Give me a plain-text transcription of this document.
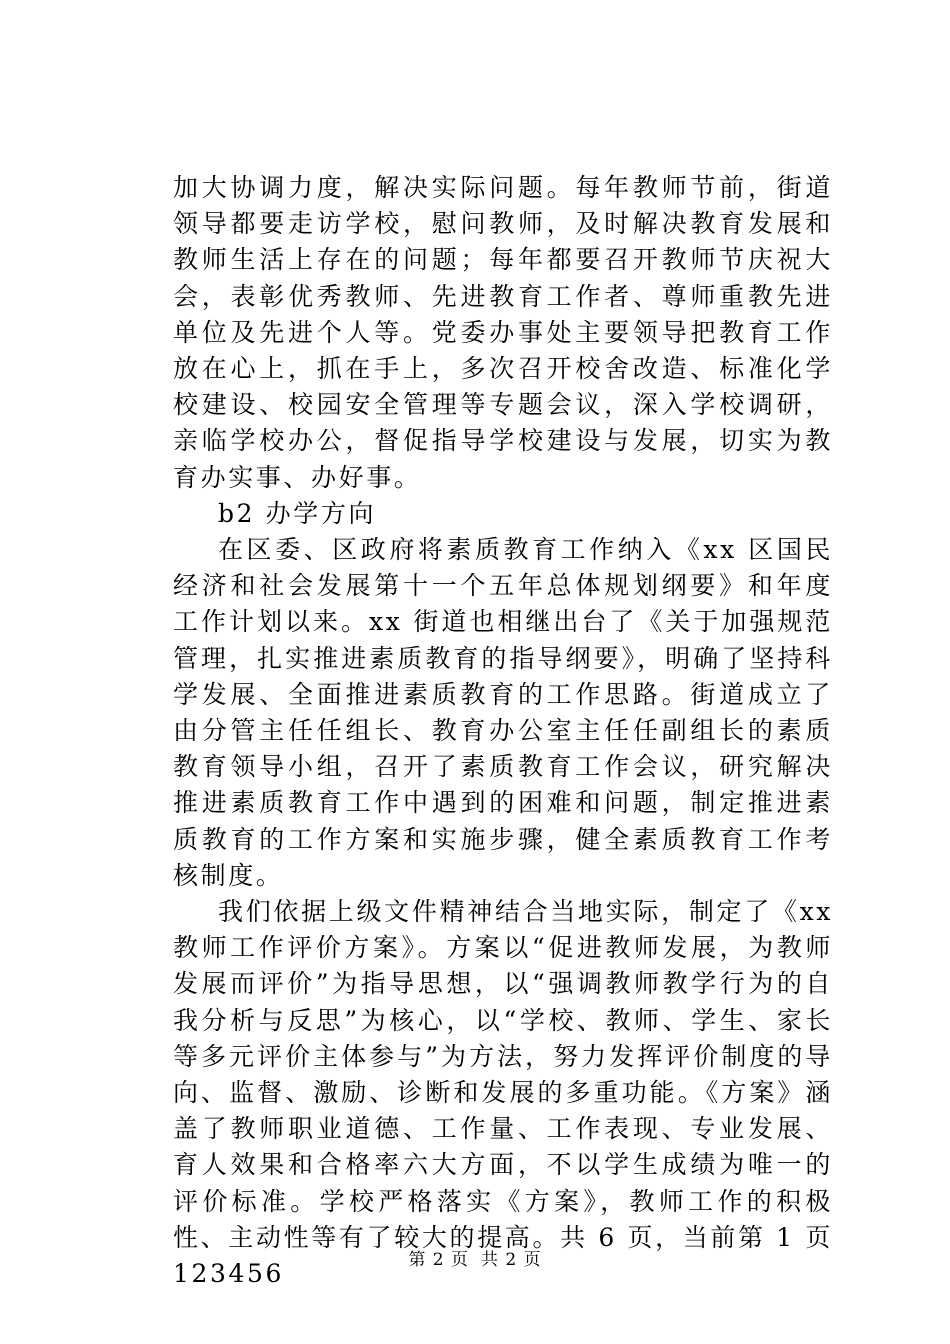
加大协调力度，解决实际问题。每年教师节前，街道领导都要走访学校，慰问教师，及时解决教育发展和教师生活上存在的问题；每年都要召开教师节庆祝大会，表彰优秀教师、先进教育工作者、尊师重教先进单位及先进个人等。党委办事处主要领导把教育工作放在心上，抓在手上，多次召开校舍改造、标准化学校建设、校园安全管理等专题会议，深入学校调研，亲临学校办公，督促指导学校建设与发展，切实为教育办实事、办好事。

b2 办学方向

在区委、区政府将素质教育工作纳入《xx 区国民经济和社会发展第十一个五年总体规划纲要》和年度工作计划以来。xx 街道也相继出台了《关于加强规范管理，扎实推进素质教育的指导纲要》，明确了坚持科学发展、全面推进素质教育的工作思路。街道成立了由分管主任任组长、教育办公室主任任副组长的素质教育领导小组，召开了素质教育工作会议，研究解决推进素质教育工作中遇到的困难和问题，制定推进素质教育的工作方案和实施步骤，健全素质教育工作考核制度。

我们依据上级文件精神结合当地实际，制定了《xx 教师工作评价方案》。方案以“促进教师发展，为教师发展而评价”为指导思想，以“强调教师教学行为的自我分析与反思”为核心，以“学校、教师、学生、家长等多元评价主体参与”为方法，努力发挥评价制度的导向、监督、激励、诊断和发展的多重功能。《方案》涵盖了教师职业道德、工作量、工作表现、专业发展、育人效果和合格率六大方面，不以学生成绩为唯一的评价标准。学校严格落实《方案》，教师工作的积极性、主动性等有了较大的提高。共 6 页，当前第 1 页 123456	第 2 页 共 2 页
